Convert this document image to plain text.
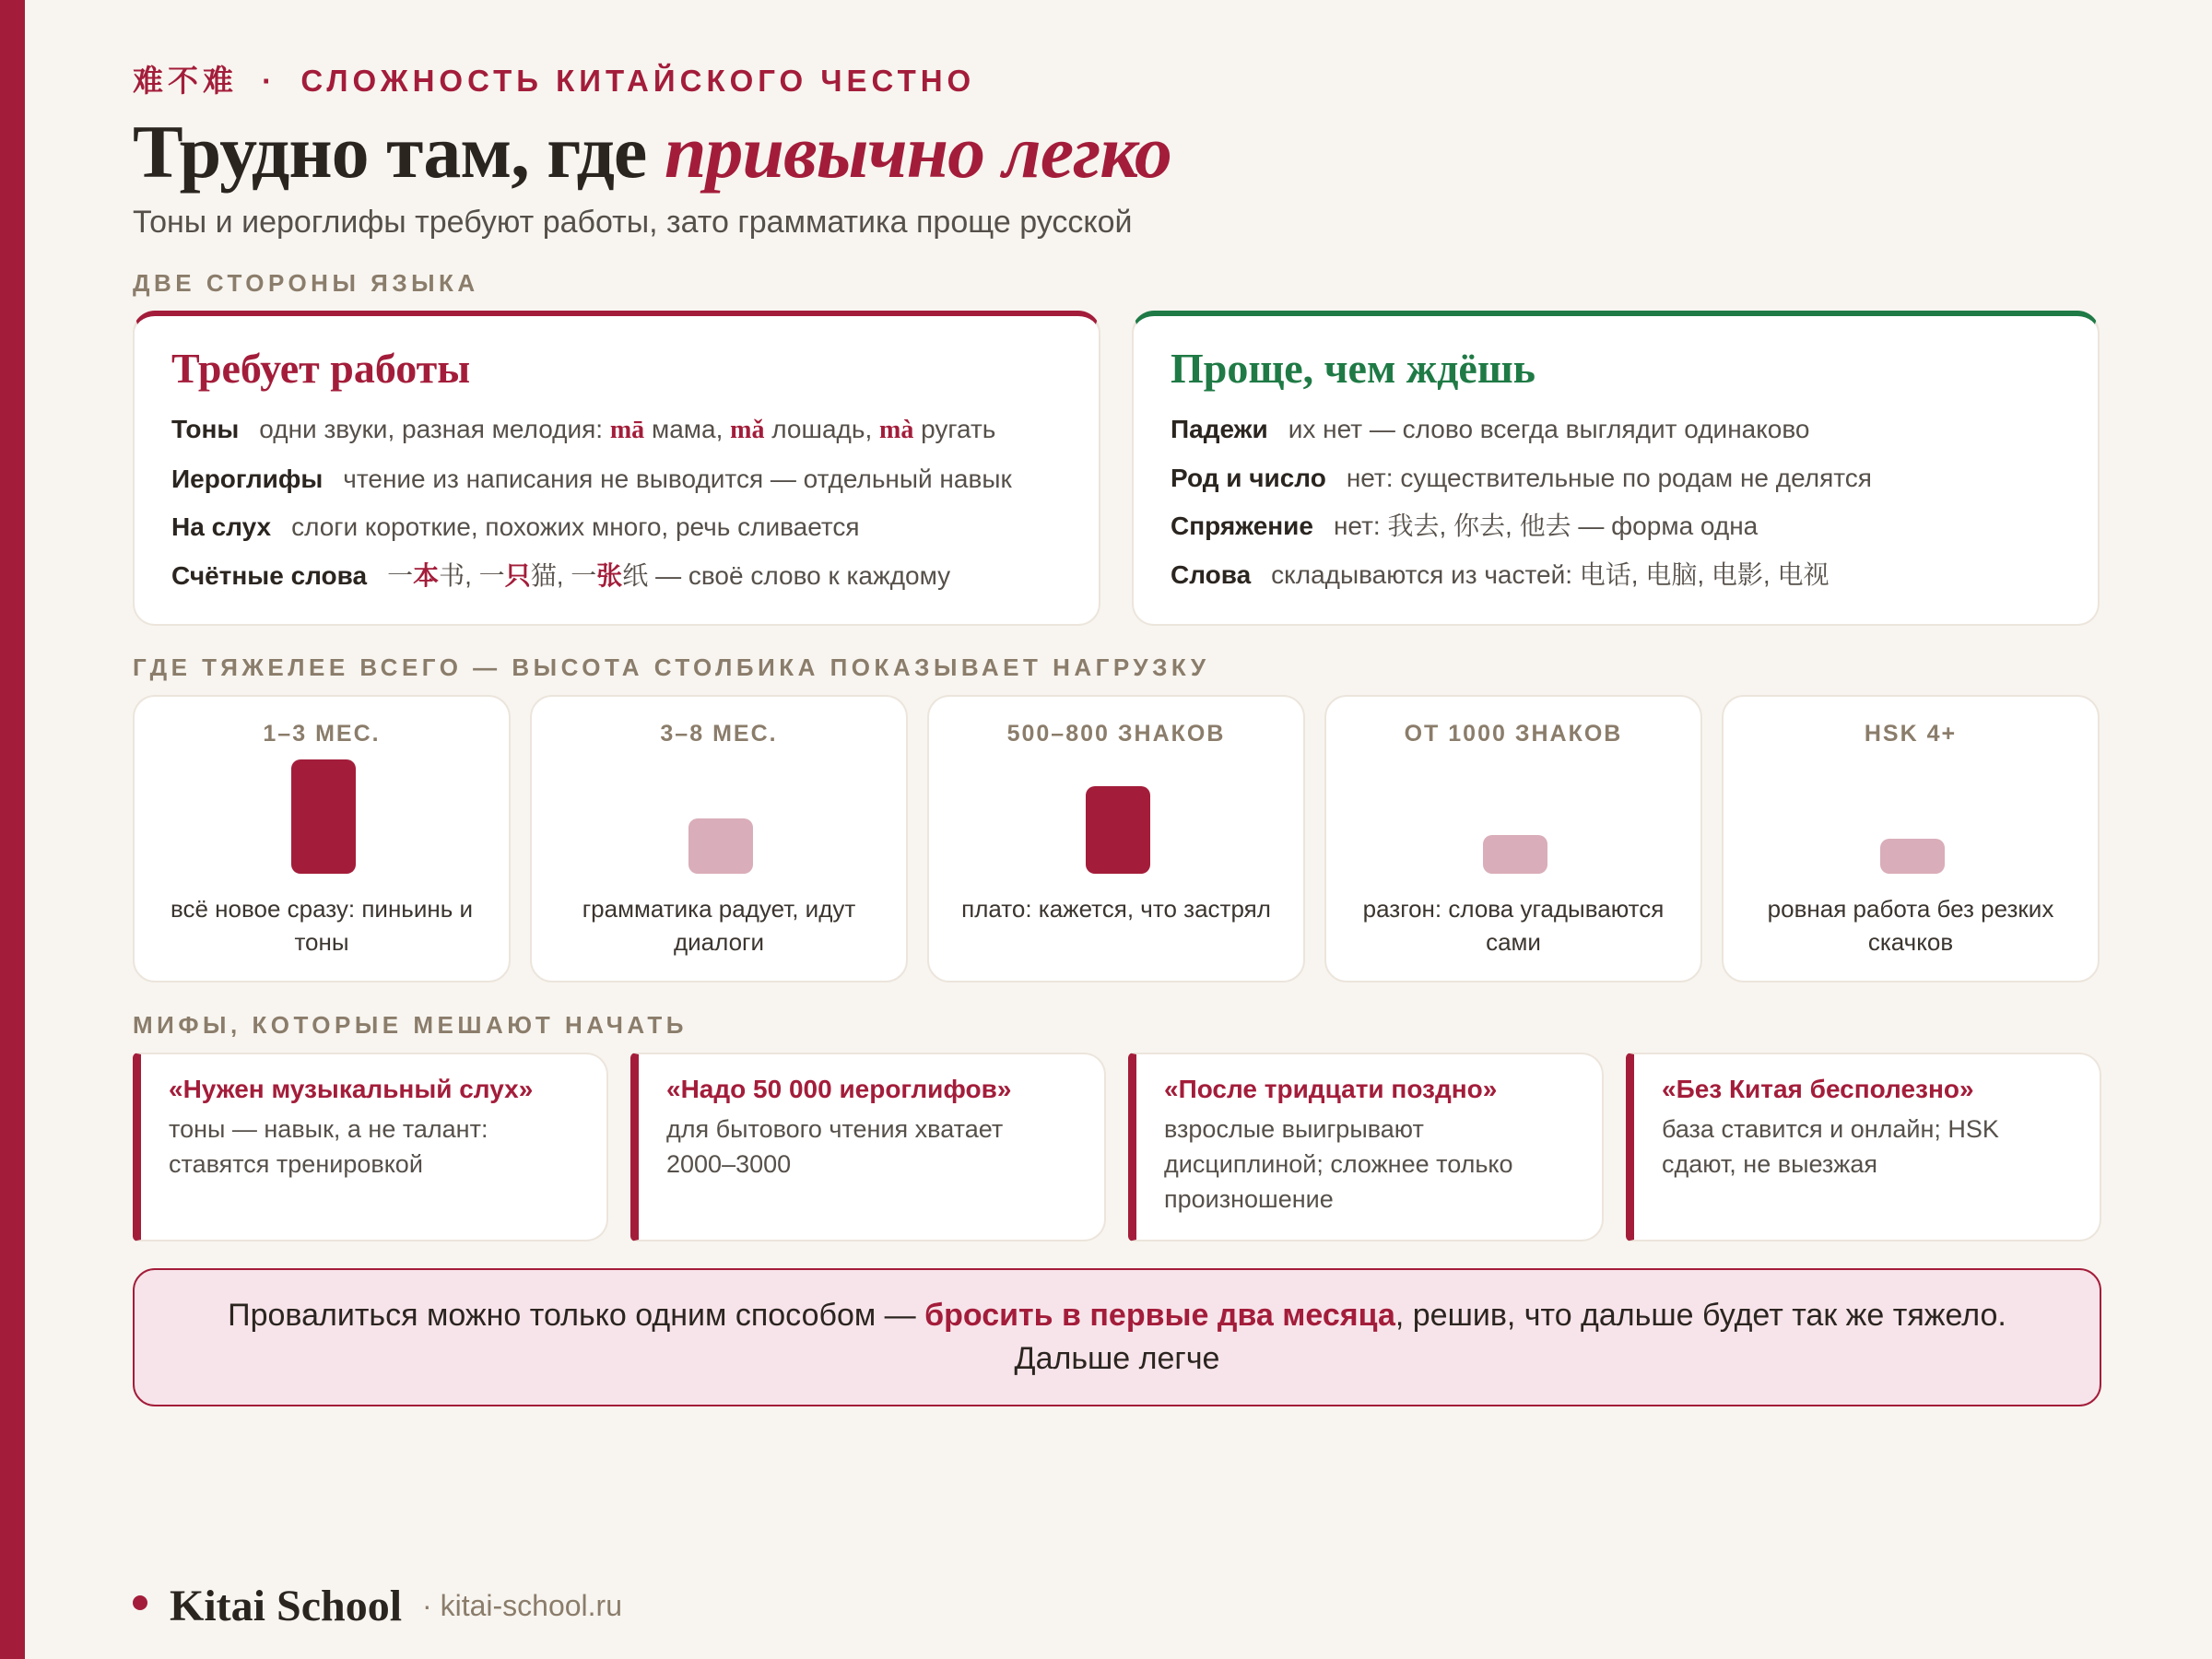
难不难 · СЛОЖНОСТЬ КИТАЙСКОГО ЧЕСТНО
Трудно там, где привычно легко
Тоны и иероглифы требуют работы, зато грамматика проще русской
ДВЕ СТОРОНЫ ЯЗЫКА
Требует работы
Тоны одни звуки, разная мелодия: mā мама, mǎ лошадь, mà ругать
Иероглифы чтение из написания не выводится — отдельный навык
На слух слоги короткие, похожих много, речь сливается
Счётные слова 一本书, 一只猫, 一张纸 — своё слово к каждому
Проще, чем ждёшь
Падежи их нет — слово всегда выглядит одинаково
Род и число нет: существительные по родам не делятся
Спряжение нет: 我去, 你去, 他去 — форма одна
Слова складываются из частей: 电话, 电脑, 电影, 电视
ГДЕ ТЯЖЕЛЕЕ ВСЕГО — ВЫСОТА СТОЛБИКА ПОКАЗЫВАЕТ НАГРУЗКУ
1–3 МЕС.
всё новое сразу: пиньинь и тоны
3–8 МЕС.
грамматика радует, идут диалоги
500–800 ЗНАКОВ
плато: кажется, что застрял
ОТ 1000 ЗНАКОВ
разгон: слова угадываются сами
HSK 4+
ровная работа без резких скачков
МИФЫ, КОТОРЫЕ МЕШАЮТ НАЧАТЬ
«Нужен музыкальный слух»
тоны — навык, а не талант: ставятся тренировкой
«Надо 50 000 иероглифов»
для бытового чтения хватает 2000–3000
«После тридцати поздно»
взрослые выигрывают дисциплиной; сложнее только произношение
«Без Китая бесполезно»
база ставится и онлайн; HSK сдают, не выезжая
Провалиться можно только одним способом — бросить в первые два месяца, решив, что дальше будет так же тяжело.
Дальше легче
Kitai School · kitai-school.ru
